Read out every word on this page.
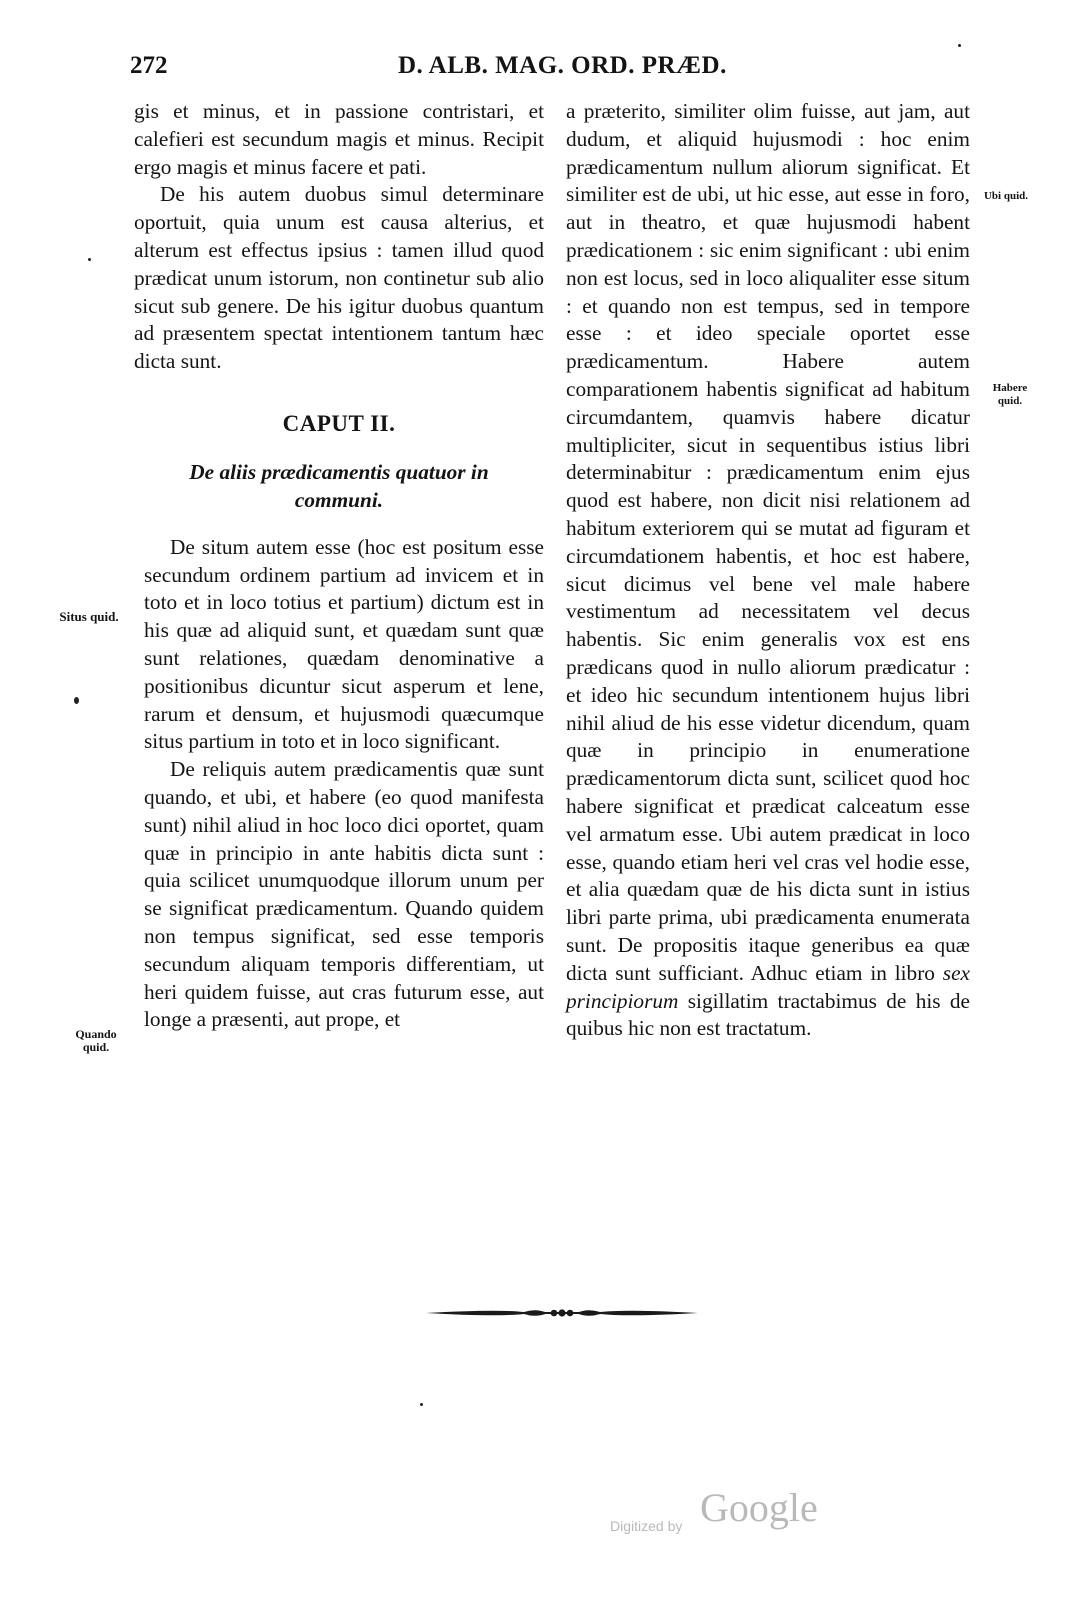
272	D. ALB. MAG. ORD. PRÆD.

gis et minus, et in passione contristari, et calefieri est secundum magis et minus. Recipit ergo magis et minus facere et pati.

De his autem duobus simul determinare oportuit, quia unum est causa alterius, et alterum est effectus ipsius : tamen illud quod prædicat unum istorum, non continetur sub alio sicut sub genere. De his igitur duobus quantum ad præsentem spectat intentionem tantum hæc dicta sunt.

CAPUT II.
De aliis prædicamentis quatuor in communi.

De situm autem esse (hoc est positum esse secundum ordinem partium ad invicem et in toto et in loco totius et partium) dictum est in his quæ ad aliquid sunt, et quædam sunt quæ sunt relationes, quædam denominative a positionibus dicuntur sicut asperum et lene, rarum et densum, et hujusmodi quæcumque situs partium in toto et in loco significant.

De reliquis autem prædicamentis quæ sunt quando, et ubi, et habere (eo quod manifesta sunt) nihil aliud in hoc loco dici oportet, quam quæ in principio in ante habitis dicta sunt : quia scilicet unumquodque illorum unum per se significat prædicamentum. Quando quidem non tempus significat, sed esse temporis secundum aliquam temporis differentiam, ut heri quidem fuisse, aut cras futurum esse, aut longe a præsenti, aut prope, et

a præterito, similiter olim fuisse, aut jam, aut dudum, et aliquid hujusmodi : hoc enim prædicamentum nullum aliorum significat. Et similiter est de ubi, ut hic esse, aut esse in foro, aut in theatro, et quæ hujusmodi habent prædicationem : sic enim significant : ubi enim non est locus, sed in loco aliqualiter esse situm : et quando non est tempus, sed in tempore esse : et ideo speciale oportet esse prædicamentum. Habere autem comparationem habentis significat ad habitum circumdantem, quamvis habere dicatur multipliciter, sicut in sequentibus istius libri determinabitur : prædicamentum enim ejus quod est habere, non dicit nisi relationem ad habitum exteriorem qui se mutat ad figuram et circumdationem habentis, et hoc est habere, sicut dicimus vel bene vel male habere vestimentum ad necessitatem vel decus habentis. Sic enim generalis vox est ens prædicans quod in nullo aliorum prædicatur : et ideo hic secundum intentionem hujus libri nihil aliud de his esse videtur dicendum, quam quæ in principio in enumeratione prædicamentorum dicta sunt, scilicet quod hoc habere significat et prædicat calceatum esse vel armatum esse. Ubi autem prædicat in loco esse, quando etiam heri vel cras vel hodie esse, et alia quædam quæ de his dicta sunt in istius libri parte prima, ubi prædicamenta enumerata sunt. De propositis itaque generibus ea quæ dicta sunt sufficiant. Adhuc etiam in libro sex principiorum sigillatim tractabimus de his de quibus hic non est tractatum.

Situs quid.
Quando quid.
Ubi quid.
Habere quid.
Digitized by Google
